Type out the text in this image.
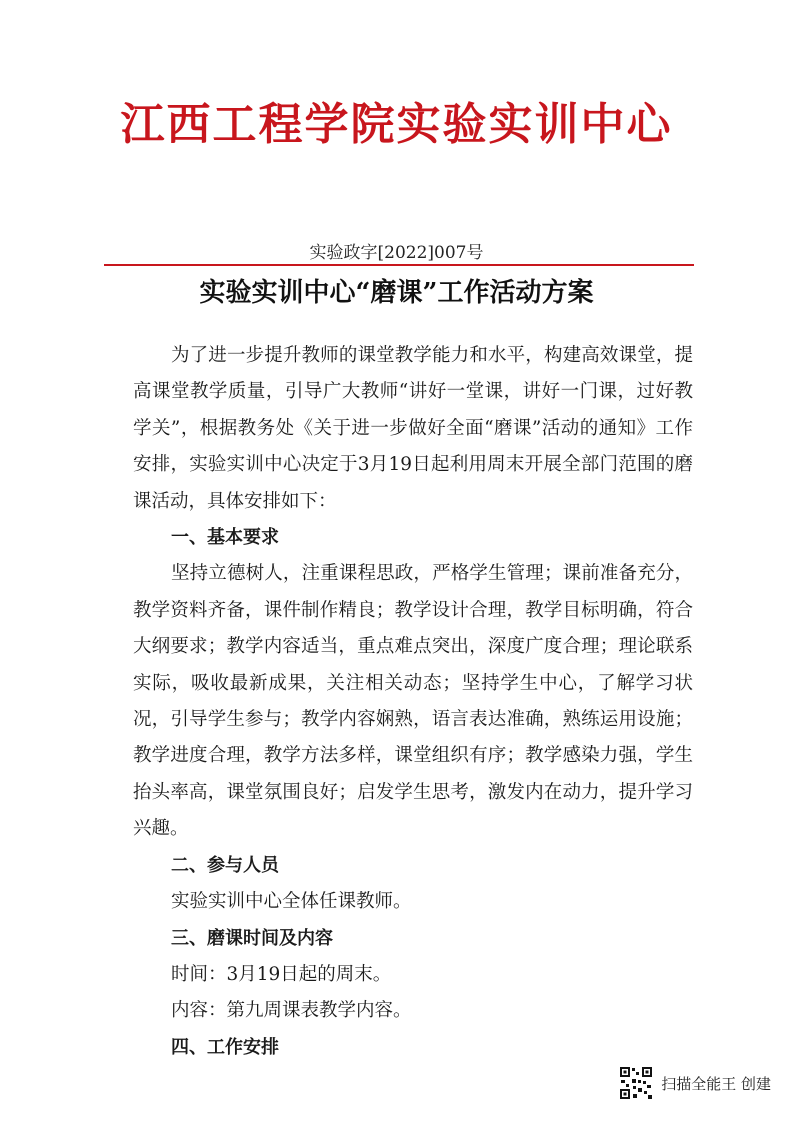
江西工程学院实验实训中心
实验政字[2022]007号
实验实训中心“磨课”工作活动方案

为了进一步提升教师的课堂教学能力和水平，构建高效课堂，提高课堂教学质量，引导广大教师“讲好一堂课，讲好一门课，过好教学关”，根据教务处《关于进一步做好全面“磨课”活动的通知》工作安排，实验实训中心决定于3月19日起利用周末开展全部门范围的磨课活动，具体安排如下：

一、基本要求

坚持立德树人，注重课程思政，严格学生管理；课前准备充分，教学资料齐备，课件制作精良；教学设计合理，教学目标明确，符合大纲要求；教学内容适当，重点难点突出，深度广度合理；理论联系实际，吸收最新成果，关注相关动态；坚持学生中心，了解学习状况，引导学生参与；教学内容娴熟，语言表达准确，熟练运用设施；教学进度合理，教学方法多样，课堂组织有序；教学感染力强，学生抬头率高，课堂氛围良好；启发学生思考，激发内在动力，提升学习兴趣。

二、参与人员

实验实训中心全体任课教师。

三、磨课时间及内容

时间：3月19日起的周末。

内容：第九周课表教学内容。

四、工作安排

扫描全能王 创建
